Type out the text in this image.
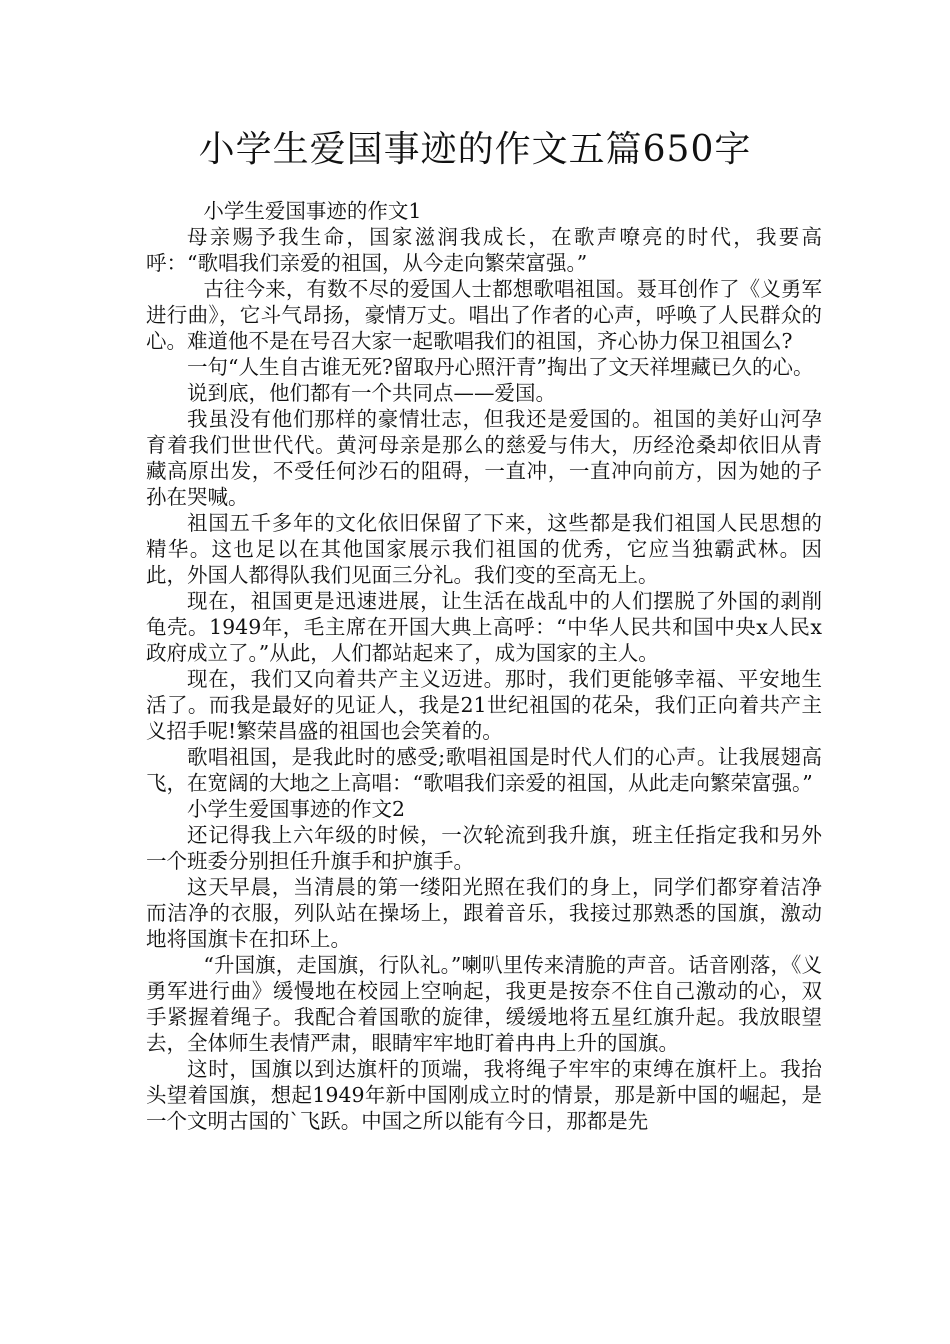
小学生爱国事迹的作文五篇650字

小学生爱国事迹的作文1

母亲赐予我生命，国家滋润我成长，在歌声嘹亮的时代，我要高呼：“歌唱我们亲爱的祖国，从今走向繁荣富强。”

古往今来，有数不尽的爱国人士都想歌唱祖国。聂耳创作了《义勇军进行曲》，它斗气昂扬，豪情万丈。唱出了作者的心声，呼唤了人民群众的心。难道他不是在号召大家一起歌唱我们的祖国，齐心协力保卫祖国么?

一句“人生自古谁无死?留取丹心照汗青”掏出了文天祥埋藏已久的心。

说到底，他们都有一个共同点——爱国。

我虽没有他们那样的豪情壮志，但我还是爱国的。祖国的美好山河孕育着我们世世代代。黄河母亲是那么的慈爱与伟大，历经沧桑却依旧从青藏高原出发，不受任何沙石的阻碍，一直冲，一直冲向前方，因为她的子孙在哭喊。

祖国五千多年的文化依旧保留了下来，这些都是我们祖国人民思想的精华。这也足以在其他国家展示我们祖国的优秀，它应当独霸武林。因此，外国人都得队我们见面三分礼。我们变的至高无上。

现在，祖国更是迅速进展，让生活在战乱中的人们摆脱了外国的剥削龟壳。1949年，毛主席在开国大典上高呼：“中华人民共和国中央x人民x政府成立了。”从此，人们都站起来了，成为国家的主人。

现在，我们又向着共产主义迈进。那时，我们更能够幸福、平安地生活了。而我是最好的见证人，我是21世纪祖国的花朵，我们正向着共产主义招手呢!繁荣昌盛的祖国也会笑着的。

歌唱祖国，是我此时的感受;歌唱祖国是时代人们的心声。让我展翅高飞，在宽阔的大地之上高唱：“歌唱我们亲爱的祖国，从此走向繁荣富强。”

小学生爱国事迹的作文2

还记得我上六年级的时候，一次轮流到我升旗，班主任指定我和另外一个班委分别担任升旗手和护旗手。

这天早晨，当清晨的第一缕阳光照在我们的身上，同学们都穿着洁净而洁净的衣服，列队站在操场上，跟着音乐，我接过那熟悉的国旗，激动地将国旗卡在扣环上。

“升国旗，走国旗，行队礼。”喇叭里传来清脆的声音。话音刚落，《义勇军进行曲》缓慢地在校园上空响起，我更是按奈不住自己激动的心，双手紧握着绳子。我配合着国歌的旋律，缓缓地将五星红旗升起。我放眼望去，全体师生表情严肃，眼睛牢牢地盯着冉冉上升的国旗。

这时，国旗以到达旗杆的顶端，我将绳子牢牢的束缚在旗杆上。我抬头望着国旗，想起1949年新中国刚成立时的情景，那是新中国的崛起，是一个文明古国的`飞跃。中国之所以能有今日，那都是先
